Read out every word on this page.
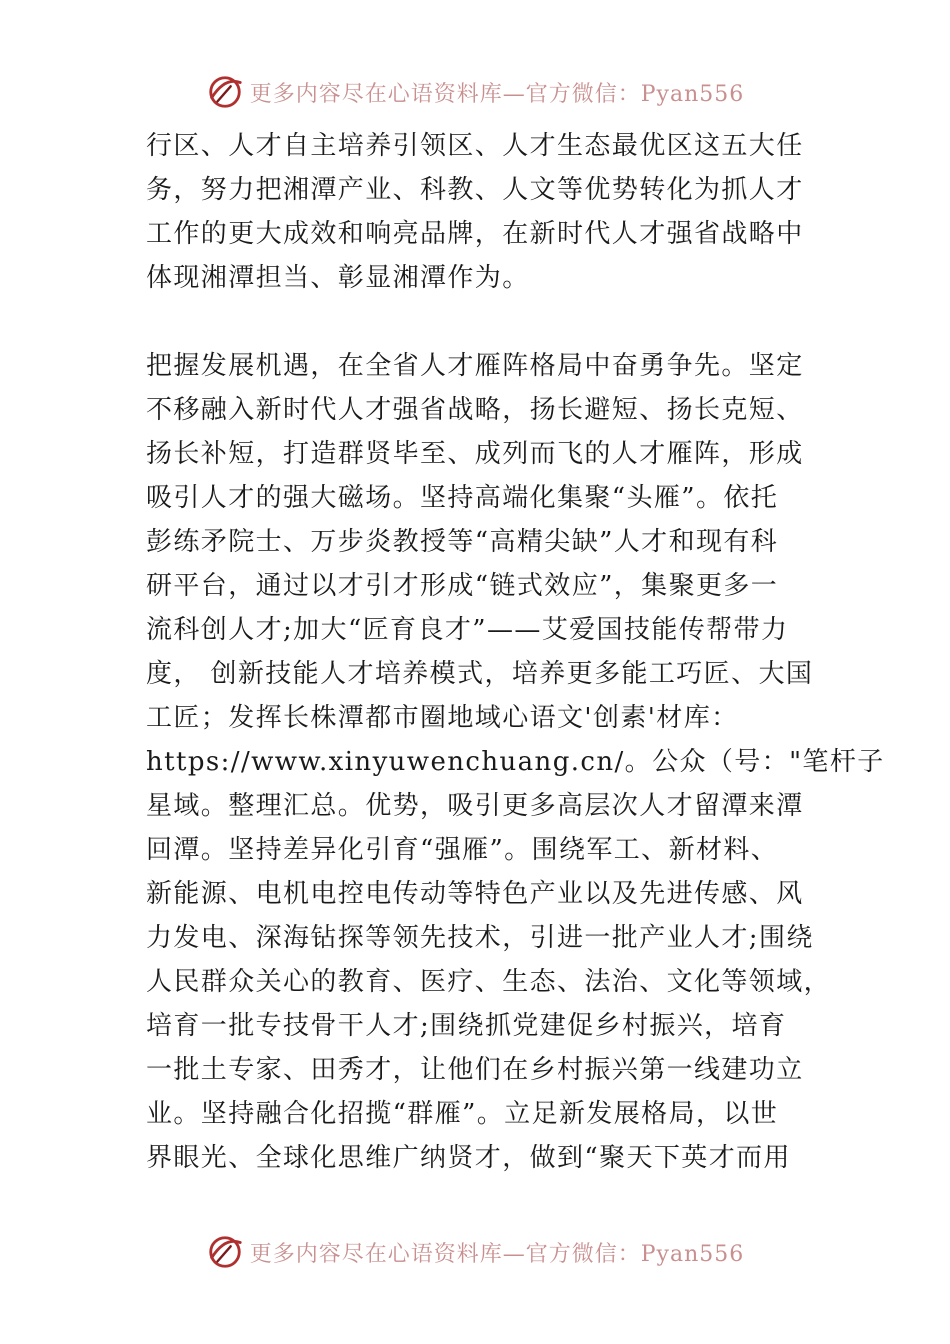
更多内容尽在心语资料库—官方微信：Pyan556
行区、人才自主培养引领区、人才生态最优区这五大任
务，努力把湘潭产业、科教、人文等优势转化为抓人才
工作的更大成效和响亮品牌，在新时代人才强省战略中
体现湘潭担当、彰显湘潭作为。
把握发展机遇，在全省人才雁阵格局中奋勇争先。坚定
不移融入新时代人才强省战略，扬长避短、扬长克短、
扬长补短，打造群贤毕至、成列而飞的人才雁阵，形成
吸引人才的强大磁场。坚持高端化集聚“头雁”。依托
彭练矛院士、万步炎教授等“高精尖缺”人才和现有科
研平台，通过以才引才形成“链式效应”，集聚更多一
流科创人才;加大“匠育良才”——艾爱国技能传帮带力
度， 创新技能人才培养模式，培养更多能工巧匠、大国
工匠；发挥长株潭都市圈地域心语文'创素'材库：
https://www.xinyuwenchuang.cn/。公众（号："笔杆子
星域。整理汇总。优势，吸引更多高层次人才留潭来潭
回潭。坚持差异化引育“强雁”。围绕军工、新材料、
新能源、电机电控电传动等特色产业以及先进传感、风
力发电、深海钻探等领先技术，引进一批产业人才;围绕
人民群众关心的教育、医疗、生态、法治、文化等领域，
培育一批专技骨干人才;围绕抓党建促乡村振兴，培育
一批土专家、田秀才，让他们在乡村振兴第一线建功立
业。坚持融合化招揽“群雁”。立足新发展格局，以世
界眼光、全球化思维广纳贤才，做到“聚天下英才而用
更多内容尽在心语资料库—官方微信：Pyan556
